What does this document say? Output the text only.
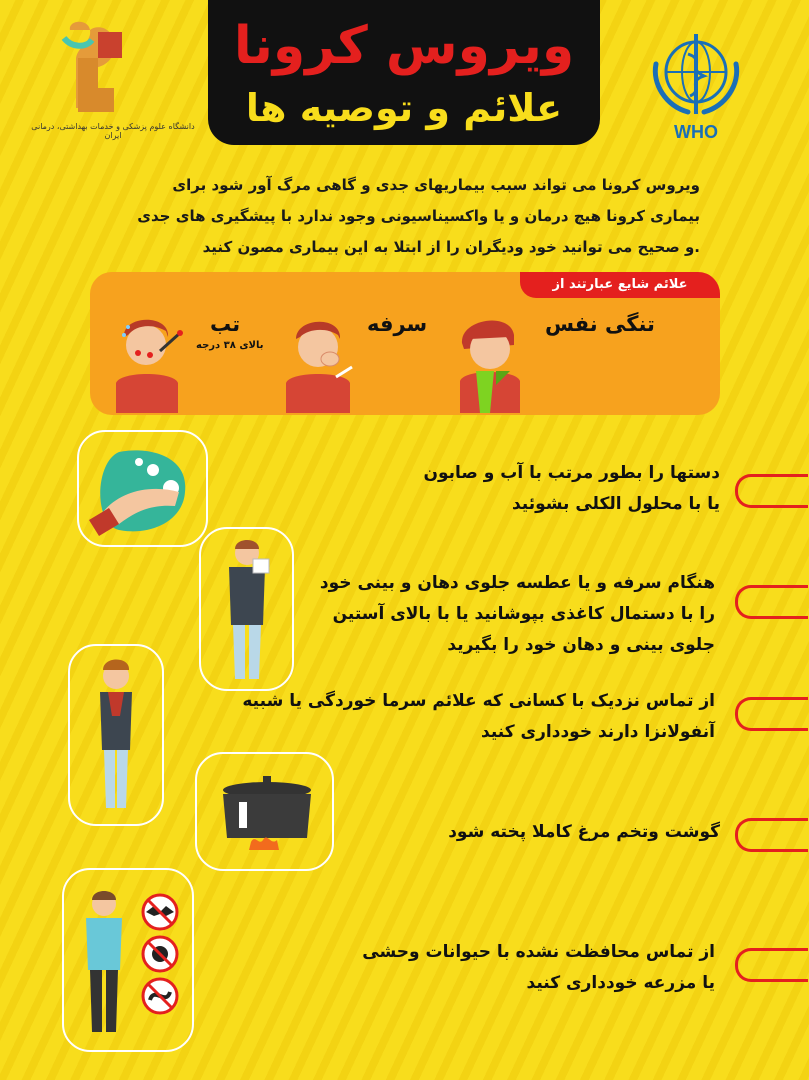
دانشگاه علوم پزشکی و خدمات بهداشتی، درمانی ایران
ویروس کرونا
علائم و توصیه ها
WHO
ویروس کرونا می تواند سبب بیماریهای جدی و گاهی مرگ آور شود برای
بیماری کرونا هیچ درمان و یا واکسیناسیونی وجود ندارد با پیشگیری های جدی
.و صحیح می توانید خود ودیگران را از ابتلا به این بیماری مصون کنید
علائم شایع عبارتند از
تنگی نفس
سرفه
تب
بالای ۳۸ درجه
دستها را بطور مرتب با آب و صابون
یا با محلول الکلی بشوئید
هنگام سرفه و یا عطسه جلوی دهان و بینی خود
را با دستمال کاغذی بپوشانید یا با بالای آستین
جلوی بینی و دهان خود را بگیرید
از تماس نزدیک با کسانی که علائم سرما خوردگی یا شبیه
آنفولانزا دارند خودداری کنید
گوشت وتخم مرغ کاملا پخته شود
از تماس محافظت نشده با حیوانات وحشی
یا مزرعه خودداری کنید
